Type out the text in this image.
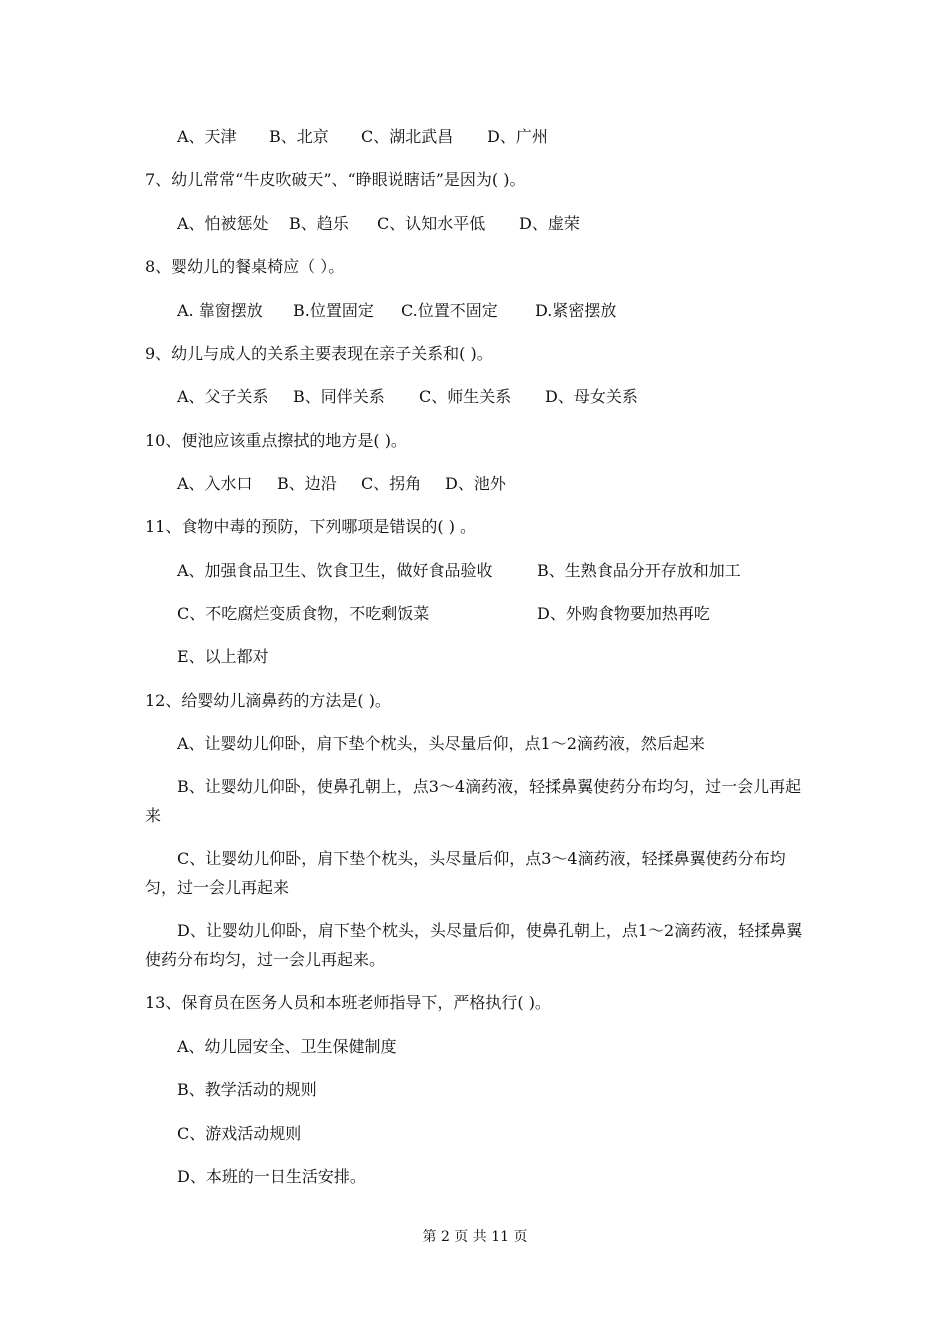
A、天津 B、北京 C、湖北武昌 D、广州
7、幼儿常常“牛皮吹破天”、“睁眼说瞎话”是因为( )。
A、怕被惩处 B、趋乐 C、认知水平低 D、虚荣
8、婴幼儿的餐桌椅应（ ）。
A. 靠窗摆放 B.位置固定 C.位置不固定 D.紧密摆放
9、幼儿与成人的关系主要表现在亲子关系和( )。
A、父子关系 B、同伴关系 C、师生关系 D、母女关系
10、便池应该重点擦拭的地方是( )。
A、入水口 B、边沿 C、拐角 D、池外
11、食物中毒的预防，下列哪项是错误的( ) 。
A、加强食品卫生、饮食卫生，做好食品验收	B、生熟食品分开存放和加工
C、不吃腐烂变质食物，不吃剩饭菜	D、外购食物要加热再吃
E、以上都对
12、给婴幼儿滴鼻药的方法是( )。
A、让婴幼儿仰卧，肩下垫个枕头，头尽量后仰，点1～2滴药液，然后起来
B、让婴幼儿仰卧，使鼻孔朝上，点3～4滴药液，轻揉鼻翼使药分布均匀，过一会儿再起来
C、让婴幼儿仰卧，肩下垫个枕头，头尽量后仰，点3～4滴药液，轻揉鼻翼使药分布均匀，过一会儿再起来
D、让婴幼儿仰卧，肩下垫个枕头，头尽量后仰，使鼻孔朝上，点1～2滴药液，轻揉鼻翼使药分布均匀，过一会儿再起来。
13、保育员在医务人员和本班老师指导下，严格执行( )。
A、幼儿园安全、卫生保健制度
B、教学活动的规则
C、游戏活动规则
D、本班的一日生活安排。
第 2 页 共 11 页
